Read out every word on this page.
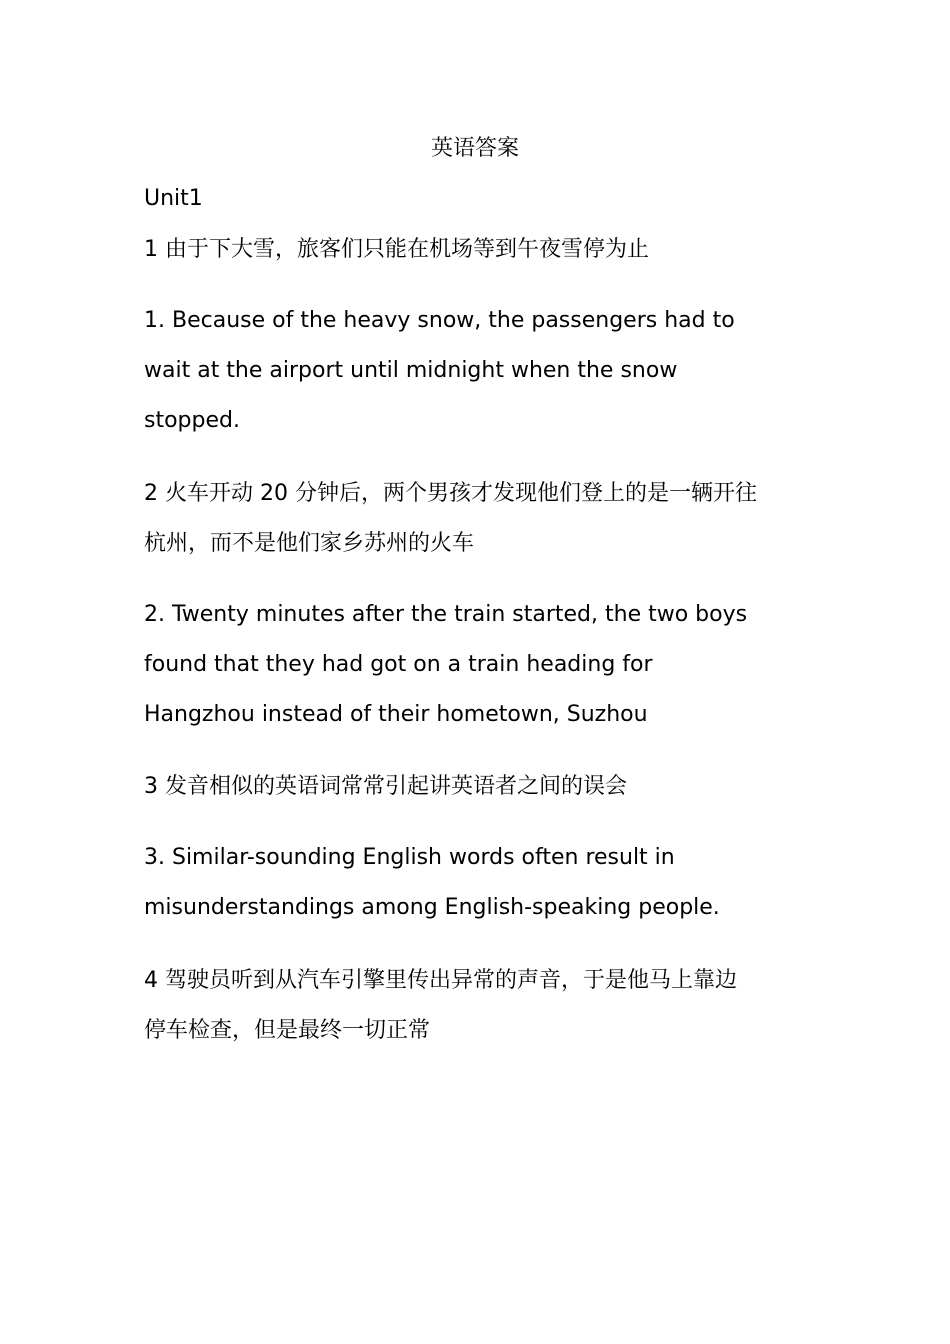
英语答案
Unit1

1 由于下大雪，旅客们只能在机场等到午夜雪停为止

1. Because of the heavy snow, the passengers had to
wait at the airport until midnight when the snow
stopped.

2 火车开动 20 分钟后，两个男孩才发现他们登上的是一辆开往
杭州，而不是他们家乡苏州的火车

2. Twenty minutes after the train started, the two boys
found that they had got on a train heading for
Hangzhou instead of their hometown, Suzhou

3 发音相似的英语词常常引起讲英语者之间的误会

3. Similar-sounding English words often result in
misunderstandings among English-speaking people.

4 驾驶员听到从汽车引擎里传出异常的声音，于是他马上靠边
停车检查，但是最终一切正常
